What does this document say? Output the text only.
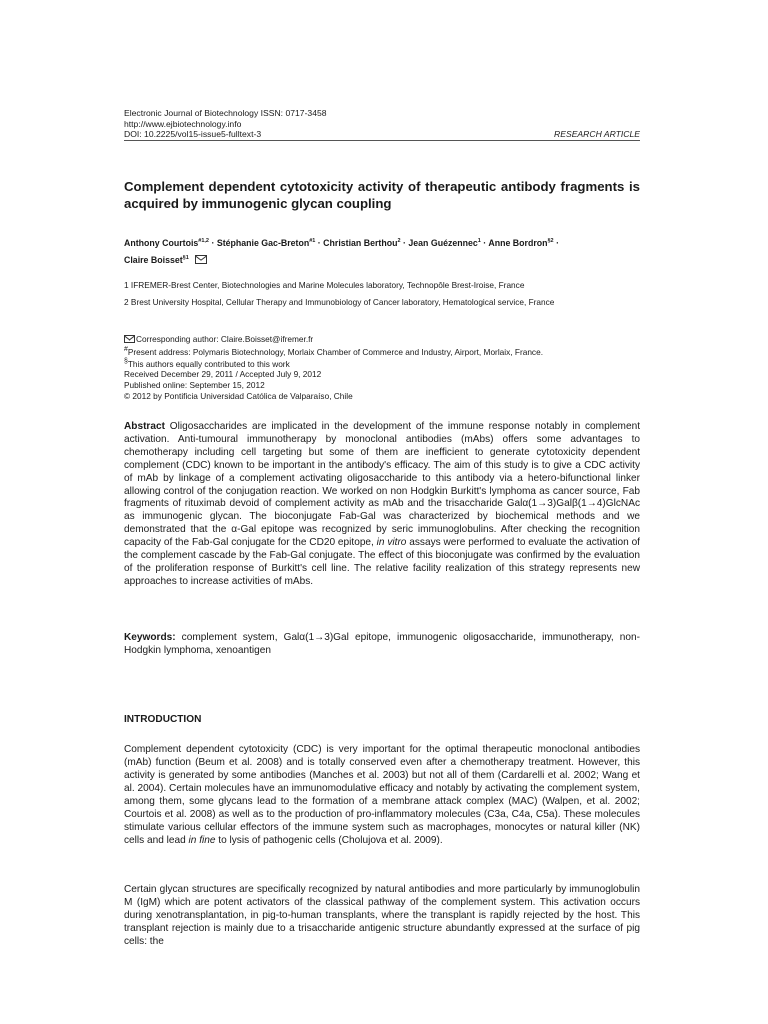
Electronic Journal of Biotechnology ISSN: 0717-3458
http://www.ejbiotechnology.info
DOI: 10.2225/vol15-issue5-fulltext-3	RESEARCH ARTICLE
Complement dependent cytotoxicity activity of therapeutic antibody fragments is acquired by immunogenic glycan coupling
Anthony Courtois$^{\#1,2}$ · Stéphanie Gac-Breton$^{\#1}$ · Christian Berthou$^2$ · Jean Guézennec$^1$ · Anne Bordron$^{\S 2}$ ·
Claire Boisset$^{\S 1}$
1 IFREMER-Brest Center, Biotechnologies and Marine Molecules laboratory, Technopôle Brest-Iroise, France
2 Brest University Hospital, Cellular Therapy and Immunobiology of Cancer laboratory, Hematological service, France
Corresponding author: Claire.Boisset@ifremer.fr
#Present address: Polymaris Biotechnology, Morlaix Chamber of Commerce and Industry, Airport, Morlaix, France.
§This authors equally contributed to this work
Received December 29, 2011 / Accepted July 9, 2012
Published online: September 15, 2012
© 2012 by Pontificia Universidad Católica de Valparaíso, Chile
Abstract Oligosaccharides are implicated in the development of the immune response notably in complement activation. Anti-tumoural immunotherapy by monoclonal antibodies (mAbs) offers some advantages to chemotherapy including cell targeting but some of them are inefficient to generate cytotoxicity dependent complement (CDC) known to be important in the antibody's efficacy. The aim of this study is to give a CDC activity of mAb by linkage of a complement activating oligosaccharide to this antibody via a hetero-bifunctional linker allowing control of the conjugation reaction. We worked on non Hodgkin Burkitt's lymphoma as cancer source, Fab fragments of rituximab devoid of complement activity as mAb and the trisaccharide Galα(1→3)Galβ(1→4)GlcNAc as immunogenic glycan. The bioconjugate Fab-Gal was characterized by biochemical methods and we demonstrated that the α-Gal epitope was recognized by seric immunoglobulins. After checking the recognition capacity of the Fab-Gal conjugate for the CD20 epitope, in vitro assays were performed to evaluate the activation of the complement cascade by the Fab-Gal conjugate. The effect of this bioconjugate was confirmed by the evaluation of the proliferation response of Burkitt's cell line. The relative facility realization of this strategy represents new approaches to increase activities of mAbs.
Keywords: complement system, Galα(1→3)Gal epitope, immunogenic oligosaccharide, immunotherapy, non-Hodgkin lymphoma, xenoantigen
INTRODUCTION
Complement dependent cytotoxicity (CDC) is very important for the optimal therapeutic monoclonal antibodies (mAb) function (Beum et al. 2008) and is totally conserved even after a chemotherapy treatment. However, this activity is generated by some antibodies (Manches et al. 2003) but not all of them (Cardarelli et al. 2002; Wang et al. 2004). Certain molecules have an immunomodulative efficacy and notably by activating the complement system, among them, some glycans lead to the formation of a membrane attack complex (MAC) (Walpen, et al. 2002; Courtois et al. 2008) as well as to the production of pro-inflammatory molecules (C3a, C4a, C5a). These molecules stimulate various cellular effectors of the immune system such as macrophages, monocytes or natural killer (NK) cells and lead in fine to lysis of pathogenic cells (Cholujova et al. 2009).
Certain glycan structures are specifically recognized by natural antibodies and more particularly by immunoglobulin M (IgM) which are potent activators of the classical pathway of the complement system. This activation occurs during xenotransplantation, in pig-to-human transplants, where the transplant is rapidly rejected by the host. This transplant rejection is mainly due to a trisaccharide antigenic structure abundantly expressed at the surface of pig cells: the
